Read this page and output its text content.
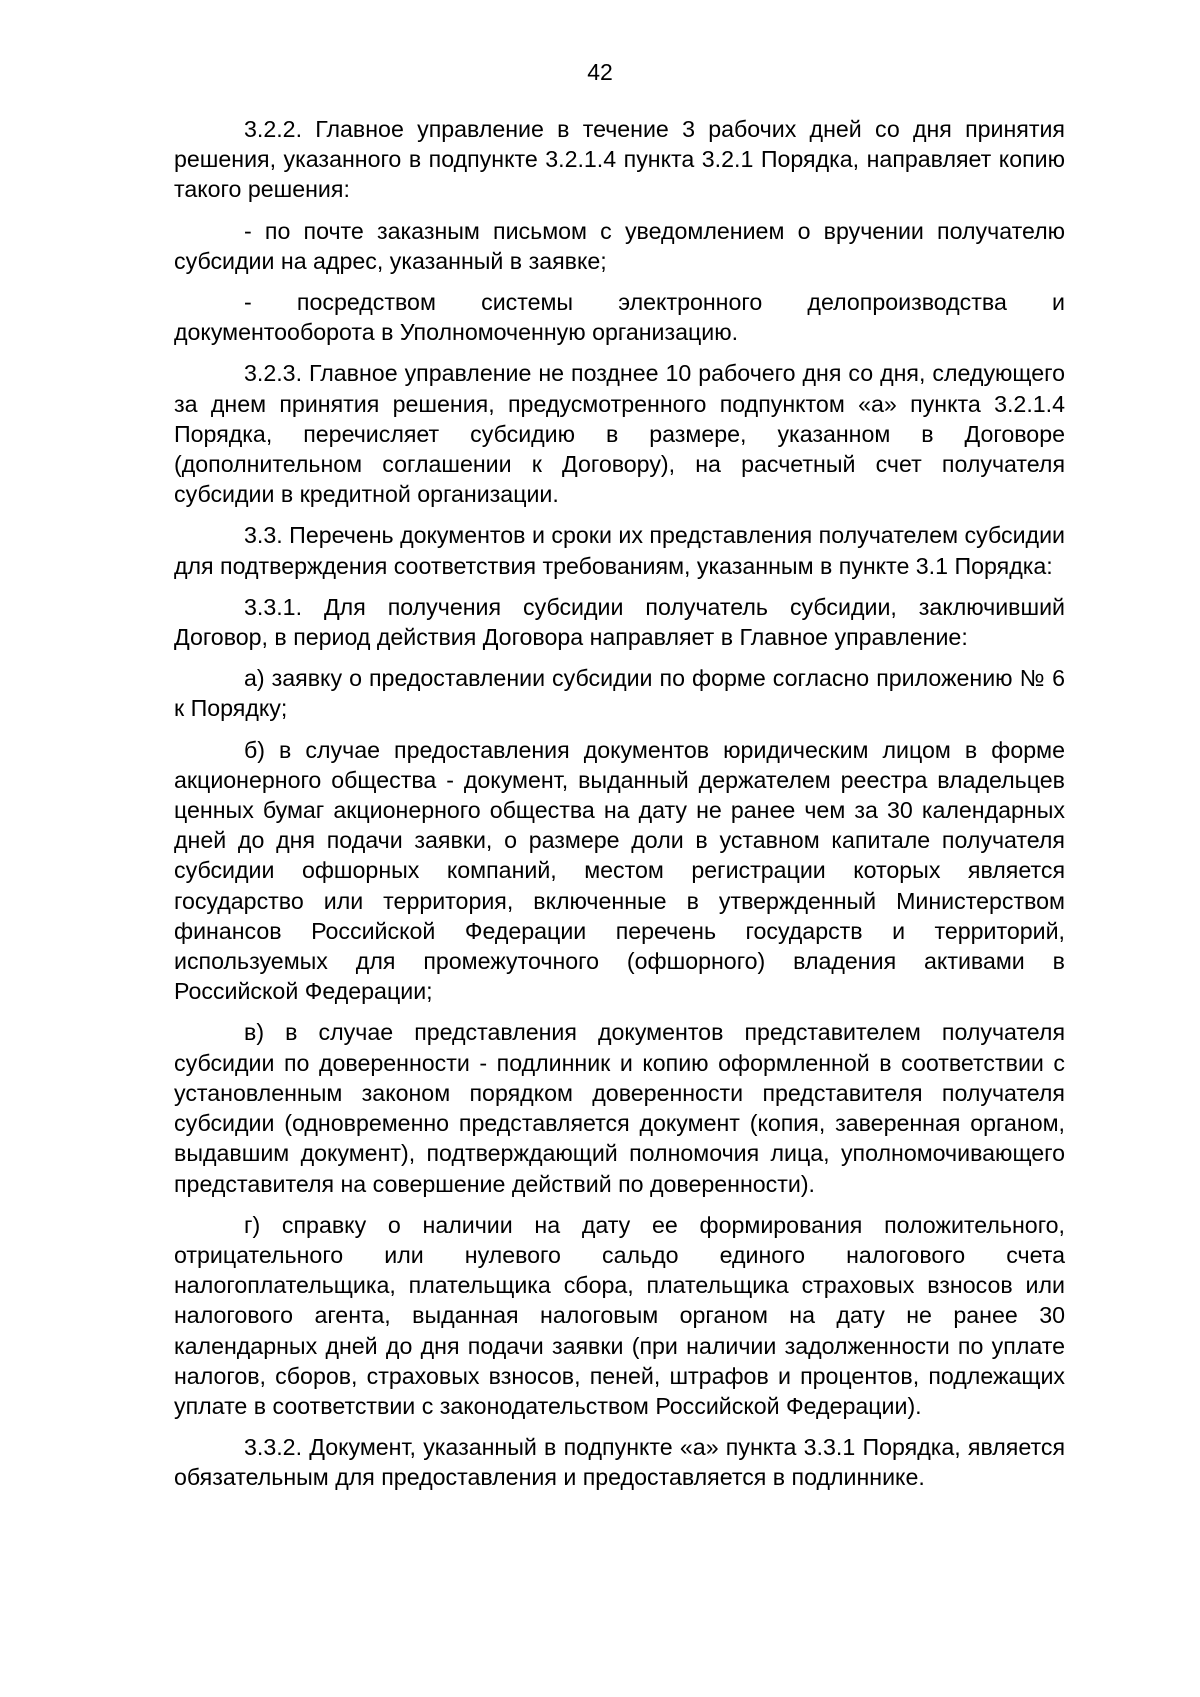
42

3.2.2. Главное управление в течение 3 рабочих дней со дня принятия решения, указанного в подпункте 3.2.1.4 пункта 3.2.1 Порядка, направляет копию такого решения:

- по почте заказным письмом с уведомлением о вручении получателю субсидии на адрес, указанный в заявке;

- посредством системы электронного делопроизводства и документооборота в Уполномоченную организацию.

3.2.3. Главное управление не позднее 10 рабочего дня со дня, следующего за днем принятия решения, предусмотренного подпунктом «а» пункта 3.2.1.4 Порядка, перечисляет субсидию в размере, указанном в Договоре (дополнительном соглашении к Договору), на расчетный счет получателя субсидии в кредитной организации.

3.3. Перечень документов и сроки их представления получателем субсидии для подтверждения соответствия требованиям, указанным в пункте 3.1 Порядка:

3.3.1. Для получения субсидии получатель субсидии, заключивший Договор, в период действия Договора направляет в Главное управление:

а) заявку о предоставлении субсидии по форме согласно приложению № 6 к Порядку;

б) в случае предоставления документов юридическим лицом в форме акционерного общества - документ, выданный держателем реестра владельцев ценных бумаг акционерного общества на дату не ранее чем за 30 календарных дней до дня подачи заявки, о размере доли в уставном капитале получателя субсидии офшорных компаний, местом регистрации которых является государство или территория, включенные в утвержденный Министерством финансов Российской Федерации перечень государств и территорий, используемых для промежуточного (офшорного) владения активами в Российской Федерации;

в) в случае представления документов представителем получателя субсидии по доверенности - подлинник и копию оформленной в соответствии с установленным законом порядком доверенности представителя получателя субсидии (одновременно представляется документ (копия, заверенная органом, выдавшим документ), подтверждающий полномочия лица, уполномочивающего представителя на совершение действий по доверенности).

г) справку о наличии на дату ее формирования положительного, отрицательного или нулевого сальдо единого налогового счета налогоплательщика, плательщика сбора, плательщика страховых взносов или налогового агента, выданная налоговым органом на дату не ранее 30 календарных дней до дня подачи заявки (при наличии задолженности по уплате налогов, сборов, страховых взносов, пеней, штрафов и процентов, подлежащих уплате в соответствии с законодательством Российской Федерации).

3.3.2. Документ, указанный в подпункте «а» пункта 3.3.1 Порядка, является обязательным для предоставления и предоставляется в подлиннике.
